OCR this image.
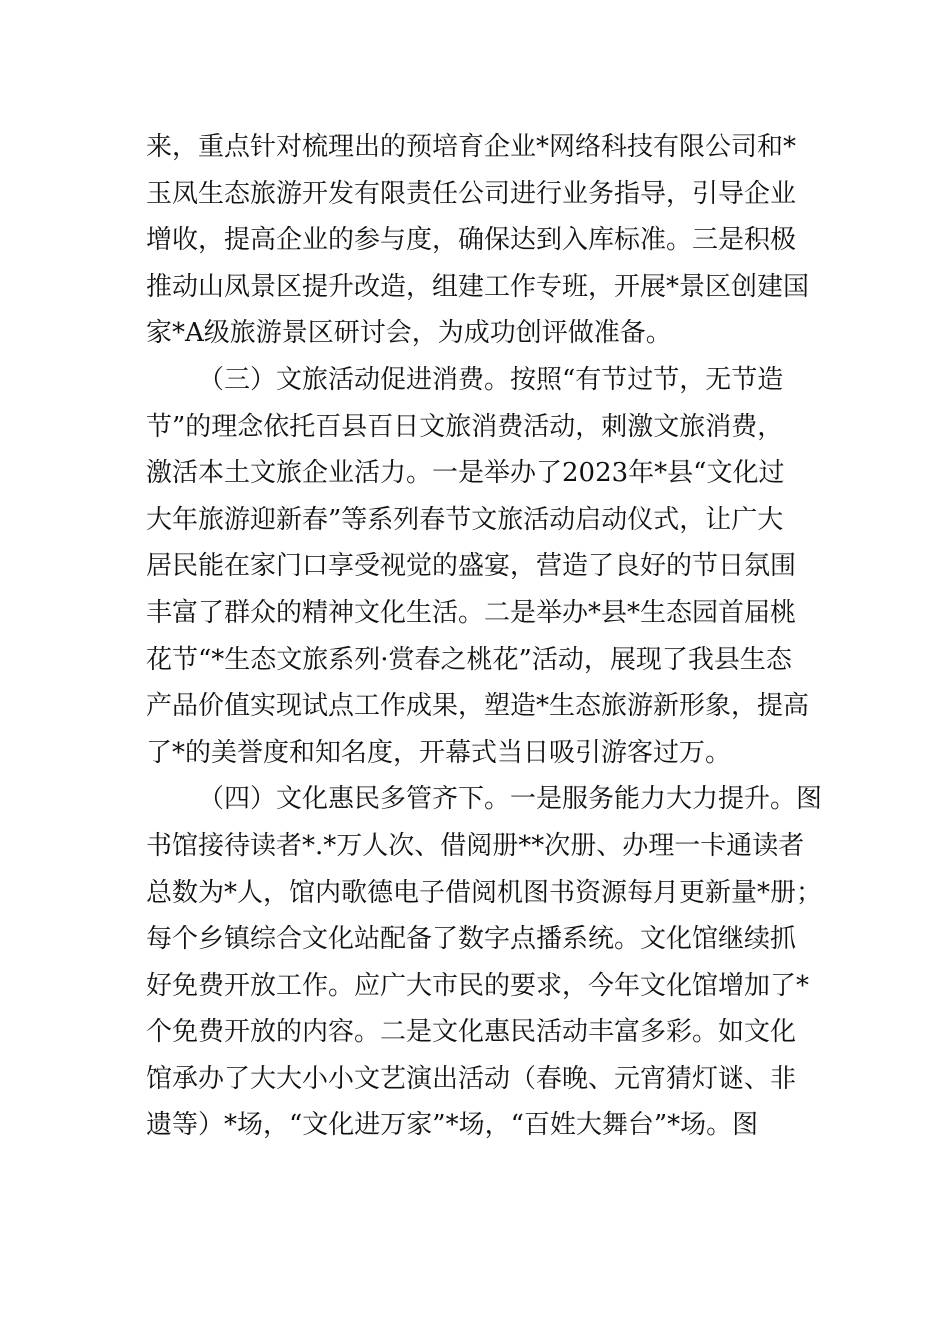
来，重点针对梳理出的预培育企业*网络科技有限公司和*
玉凤生态旅游开发有限责任公司进行业务指导，引导企业
增收，提高企业的参与度，确保达到入库标准。三是积极
推动山凤景区提升改造，组建工作专班，开展*景区创建国
家*A级旅游景区研讨会，为成功创评做准备。
（三）文旅活动促进消费。按照“有节过节，无节造
节”的理念依托百县百日文旅消费活动，刺激文旅消费，
激活本土文旅企业活力。一是举办了2023年*县“文化过
大年旅游迎新春”等系列春节文旅活动启动仪式，让广大
居民能在家门口享受视觉的盛宴，营造了良好的节日氛围
丰富了群众的精神文化生活。二是举办*县*生态园首届桃
花节“*生态文旅系列·赏春之桃花”活动，展现了我县生态
产品价值实现试点工作成果，塑造*生态旅游新形象，提高
了*的美誉度和知名度，开幕式当日吸引游客过万。
（四）文化惠民多管齐下。一是服务能力大力提升。图
书馆接待读者*.*万人次、借阅册**次册、办理一卡通读者
总数为*人，馆内歌德电子借阅机图书资源每月更新量*册；
每个乡镇综合文化站配备了数字点播系统。文化馆继续抓
好免费开放工作。应广大市民的要求，今年文化馆增加了*
个免费开放的内容。二是文化惠民活动丰富多彩。如文化
馆承办了大大小小文艺演出活动（春晚、元宵猜灯谜、非
遗等）*场，“文化进万家”*场，“百姓大舞台”*场。图
